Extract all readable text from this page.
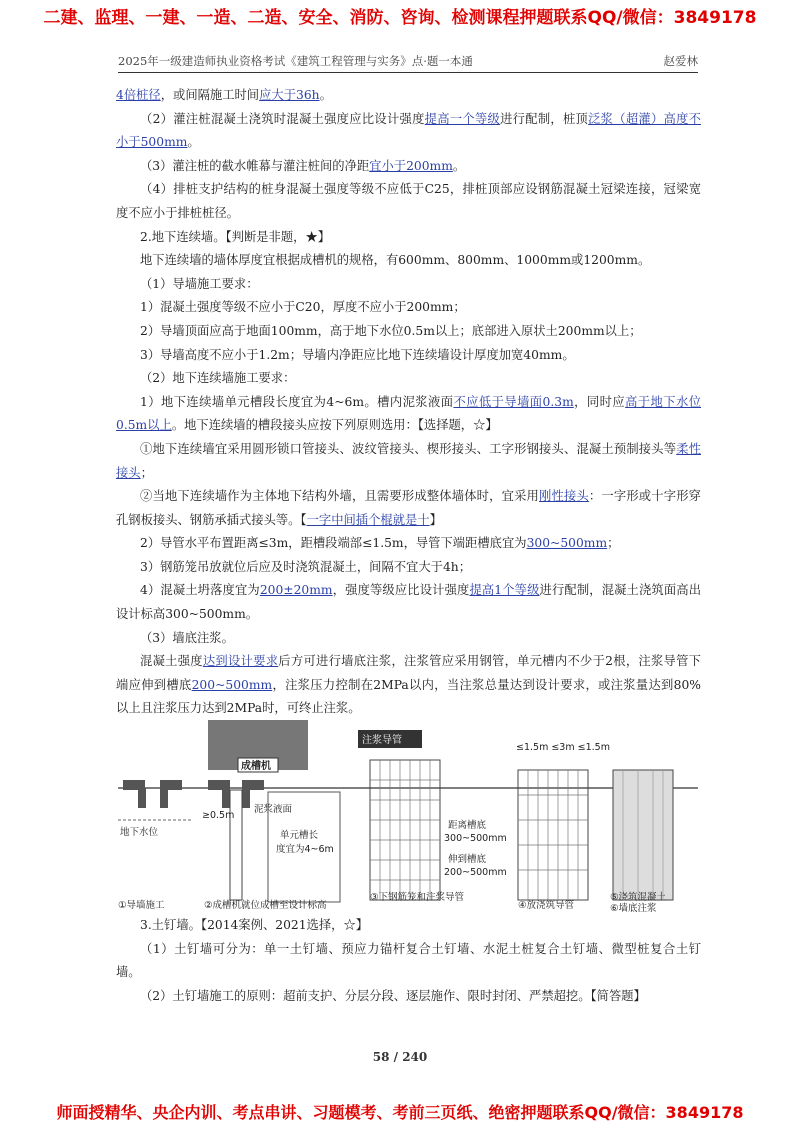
二建、监理、一建、一造、二造、安全、消防、咨询、检测课程押题联系QQ/微信：3849178
2025年一级建造师执业资格考试《建筑工程管理与实务》点·题一本通	赵爱林

4倍桩径，或间隔施工时间应大于36h。

（2）灌注桩混凝土浇筑时混凝土强度应比设计强度提高一个等级进行配制，桩顶泛浆（超灌）高度不小于500mm。

（3）灌注桩的截水帷幕与灌注桩间的净距宜小于200mm。

（4）排桩支护结构的桩身混凝土强度等级不应低于C25，排桩顶部应设钢筋混凝土冠梁连接，冠梁宽度不应小于排桩桩径。

2.地下连续墙。【判断是非题，★】

地下连续墙的墙体厚度宜根据成槽机的规格，有600mm、800mm、1000mm或1200mm。

（1）导墙施工要求：

1）混凝土强度等级不应小于C20，厚度不应小于200mm；

2）导墙顶面应高于地面100mm，高于地下水位0.5m以上；底部进入原状土200mm以上；

3）导墙高度不应小于1.2m；导墙内净距应比地下连续墙设计厚度加宽40mm。

（2）地下连续墙施工要求：

1）地下连续墙单元槽段长度宜为4~6m。槽内泥浆液面不应低于导墙面0.3m，同时应高于地下水位0.5m以上。地下连续墙的槽段接头应按下列原则选用：【选择题，☆】

①地下连续墙宜采用圆形锁口管接头、波纹管接头、楔形接头、工字形钢接头、混凝土预制接头等柔性接头；

②当地下连续墙作为主体地下结构外墙，且需要形成整体墙体时，宜采用刚性接头：一字形或十字形穿孔钢板接头、钢筋承插式接头等。【一字中间插个棍就是十】

2）导管水平布置距离≤3m，距槽段端部≤1.5m，导管下端距槽底宜为300~500mm；

3）钢筋笼吊放就位后应及时浇筑混凝土，间隔不宜大于4h；

4）混凝土坍落度宜为200±20mm，强度等级应比设计强度提高1个等级进行配制，混凝土浇筑面高出设计标高300~500mm。

（3）墙底注浆。

混凝土强度达到设计要求后方可进行墙底注浆，注浆管应采用钢管，单元槽内不少于2根，注浆导管下端应伸到槽底200~500mm，注浆压力控制在2MPa以内，当注浆总量达到设计要求，或注浆量达到80%以上且注浆压力达到2MPa时，可终止注浆。

地下水位
成槽机
泥浆液面
≥0.5m
单元槽长
度宜为4~6m
注浆导管
距离槽底
300~500mm
伸到槽底
200~500mm
≤1.5m ≤3m ≤1.5m
①导墙施工	②成槽机就位成槽至设计标高
③下钢筋笼和注浆导管
④放浇筑导管
⑤浇筑混凝土
⑥墙底注浆

3.土钉墙。【2014案例、2021选择，☆】

（1）土钉墙可分为：单一土钉墙、预应力锚杆复合土钉墙、水泥土桩复合土钉墙、微型桩复合土钉墙。

（2）土钉墙施工的原则：超前支护、分层分段、逐层施作、限时封闭、严禁超挖。【简答题】

58 / 240
师面授精华、央企内训、考点串讲、习题模考、考前三页纸、绝密押题联系QQ/微信：3849178
